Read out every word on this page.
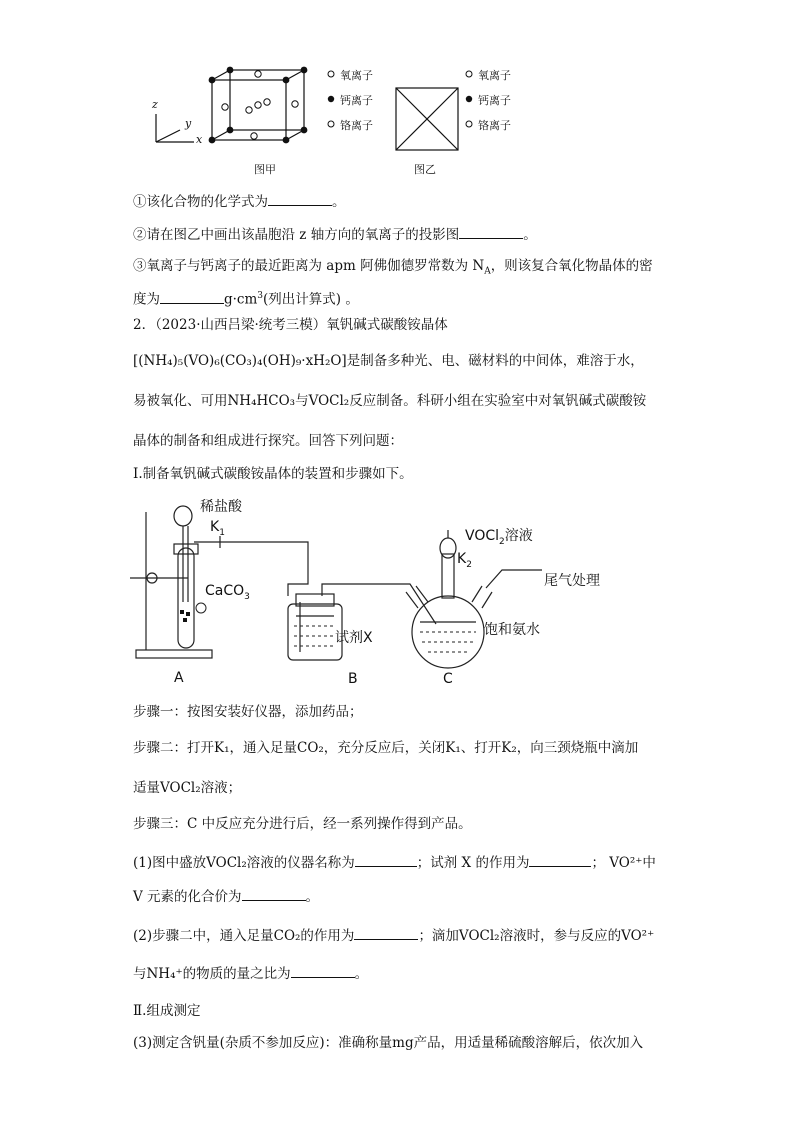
z
y
x
氧离子
钙离子
铬离子
氧离子
钙离子
铬离子
图甲	图乙
①该化合物的化学式为	。
②请在图乙中画出该晶胞沿 z 轴方向的氧离子的投影图	。
③氧离子与钙离子的最近距离为 apm 阿佛伽德罗常数为 $N_A$，则该复合氧化物晶体的密
度为	$g\cdot cm^3$(列出计算式) 。
2．（2023·山西吕梁·统考三模）氧钒碱式碳酸铵晶体
[(NH₄)₅(VO)₆(CO₃)₄(OH)₉·xH₂O]是制备多种光、电、磁材料的中间体，难溶于水，
易被氧化、可用NH₄HCO₃与VOCl₂反应制备。科研小组在实验室中对氧钒碱式碳酸铵
晶体的制备和组成进行探究。回答下列问题：
Ⅰ.制备氧钒碱式碳酸铵晶体的装置和步骤如下。
稀盐酸
$K_1$
CaCO$_3$
VOCl$_2$溶液
$K_2$
尾气处理
饱和氨水
试剂X
A	B	C
步骤一：按图安装好仪器，添加药品；
步骤二：打开K₁，通入足量CO₂，充分反应后，关闭K₁、打开K₂，向三颈烧瓶中滴加
适量VOCl₂溶液；
步骤三：C 中反应充分进行后，经一系列操作得到产品。
(1)图中盛放VOCl₂溶液的仪器名称为	；试剂 X 的作用为	； VO²⁺中
V 元素的化合价为	。
(2)步骤二中，通入足量CO₂的作用为	；滴加VOCl₂溶液时，参与反应的VO²⁺
与NH₄⁺的物质的量之比为	。
Ⅱ.组成测定
(3)测定含钒量(杂质不参加反应)：准确称量mg产品，用适量稀硫酸溶解后，依次加入
